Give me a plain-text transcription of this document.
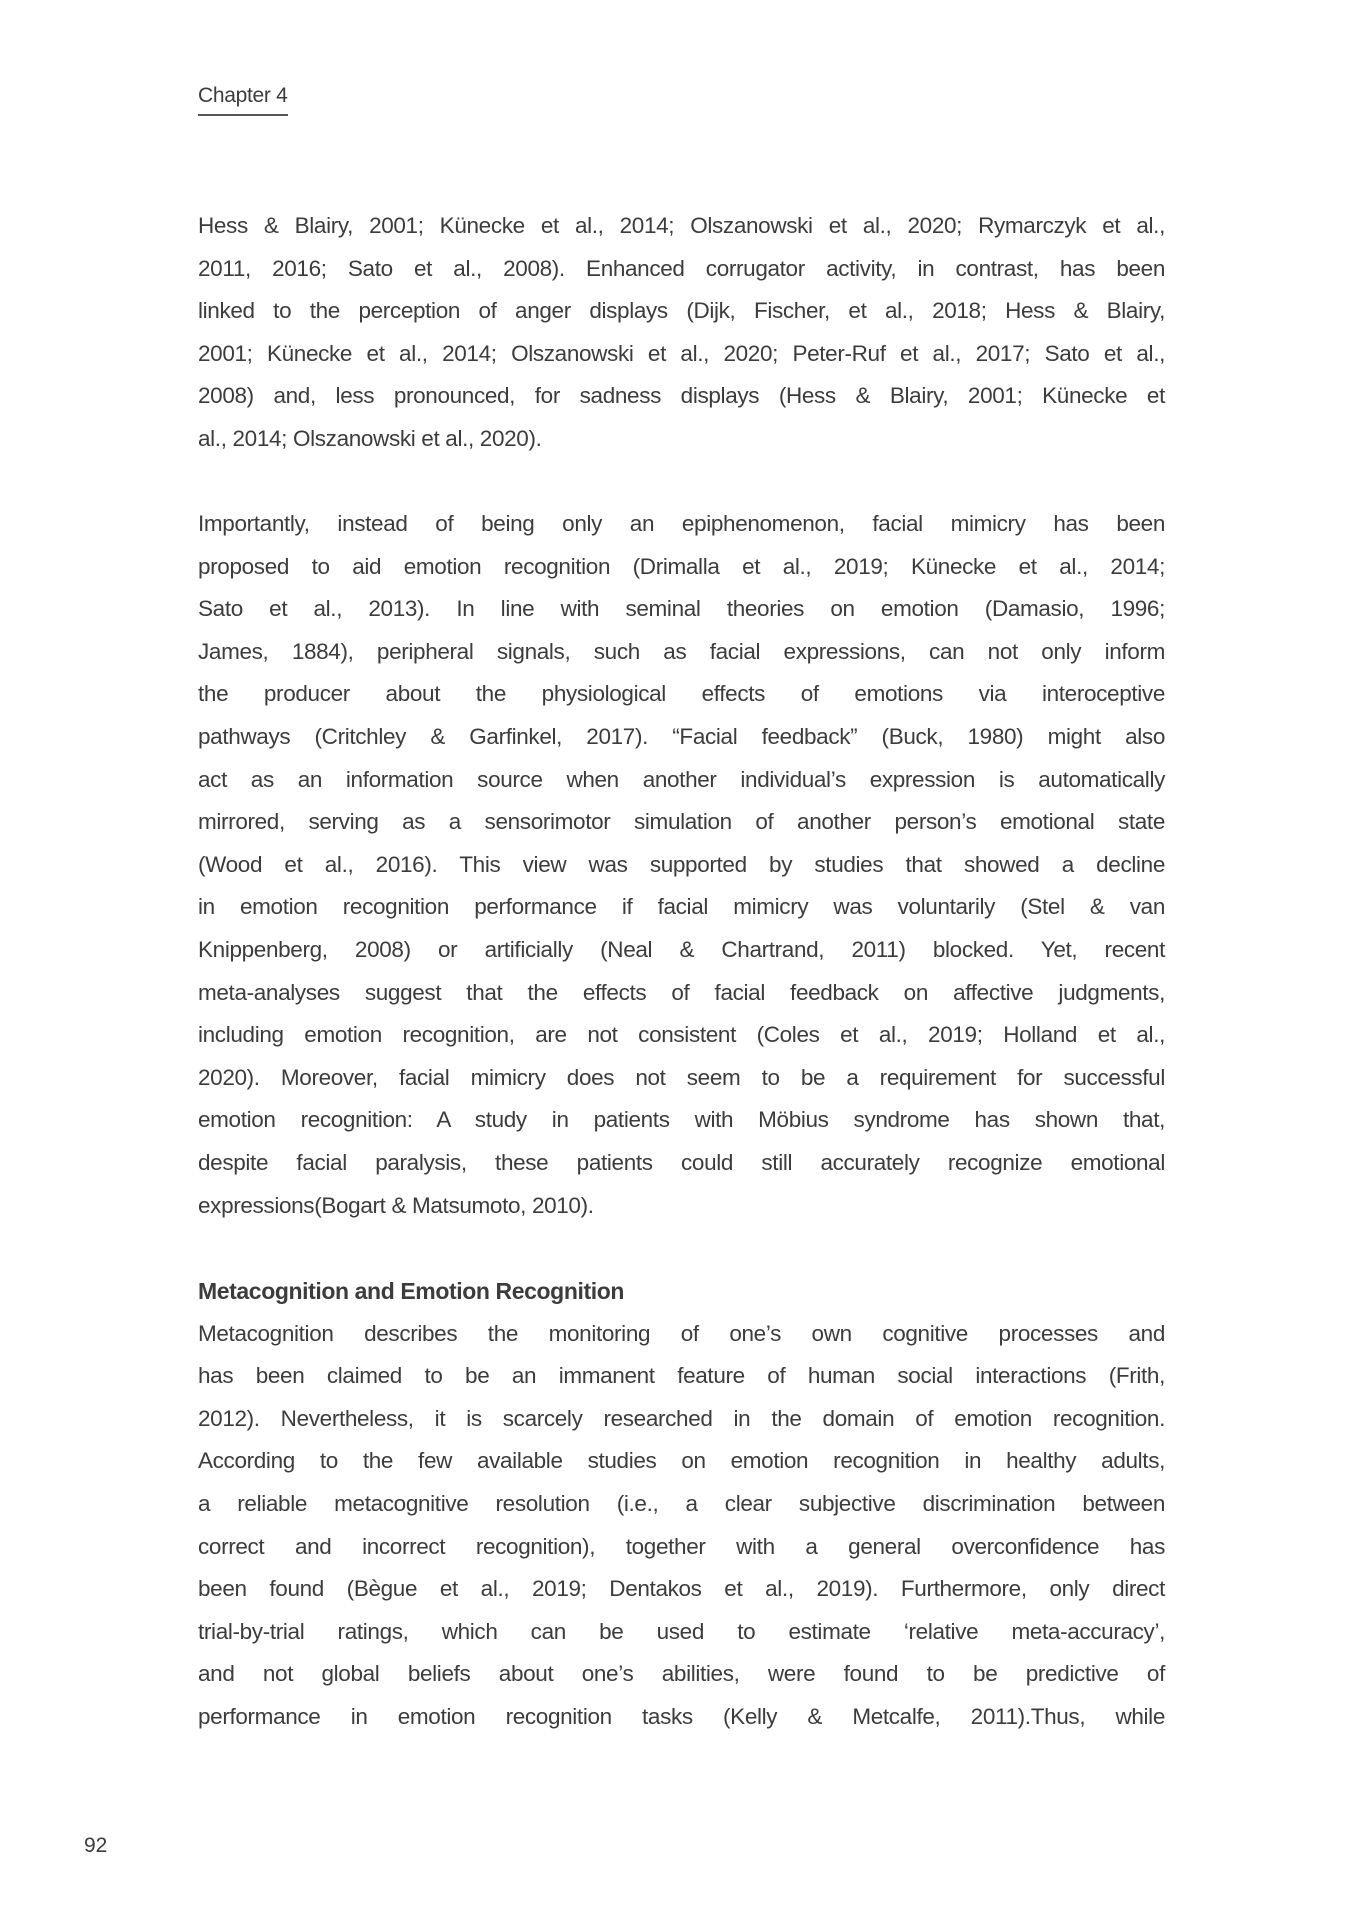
Chapter 4
Hess & Blairy, 2001; Künecke et al., 2014; Olszanowski et al., 2020; Rymarczyk et al.,
2011, 2016; Sato et al., 2008). Enhanced corrugator activity, in contrast, has been
linked to the perception of anger displays (Dijk, Fischer, et al., 2018; Hess & Blairy,
2001; Künecke et al., 2014; Olszanowski et al., 2020; Peter-Ruf et al., 2017; Sato et al.,
2008) and, less pronounced, for sadness displays (Hess & Blairy, 2001; Künecke et
al., 2014; Olszanowski et al., 2020).
Importantly, instead of being only an epiphenomenon, facial mimicry has been
proposed to aid emotion recognition (Drimalla et al., 2019; Künecke et al., 2014;
Sato et al., 2013). In line with seminal theories on emotion (Damasio, 1996;
James, 1884), peripheral signals, such as facial expressions, can not only inform
the producer about the physiological effects of emotions via interoceptive
pathways (Critchley & Garfinkel, 2017). “Facial feedback” (Buck, 1980) might also
act as an information source when another individual’s expression is automatically
mirrored, serving as a sensorimotor simulation of another person’s emotional state
(Wood et al., 2016). This view was supported by studies that showed a decline
in emotion recognition performance if facial mimicry was voluntarily (Stel & van
Knippenberg, 2008) or artificially (Neal & Chartrand, 2011) blocked. Yet, recent
meta-analyses suggest that the effects of facial feedback on affective judgments,
including emotion recognition, are not consistent (Coles et al., 2019; Holland et al.,
2020). Moreover, facial mimicry does not seem to be a requirement for successful
emotion recognition: A study in patients with Möbius syndrome has shown that,
despite facial paralysis, these patients could still accurately recognize emotional
expressions(Bogart & Matsumoto, 2010).
Metacognition and Emotion Recognition
Metacognition describes the monitoring of one’s own cognitive processes and
has been claimed to be an immanent feature of human social interactions (Frith,
2012). Nevertheless, it is scarcely researched in the domain of emotion recognition.
According to the few available studies on emotion recognition in healthy adults,
a reliable metacognitive resolution (i.e., a clear subjective discrimination between
correct and incorrect recognition), together with a general overconfidence has
been found (Bègue et al., 2019; Dentakos et al., 2019). Furthermore, only direct
trial-by-trial ratings, which can be used to estimate ‘relative meta-accuracy’,
and not global beliefs about one’s abilities, were found to be predictive of
performance in emotion recognition tasks (Kelly & Metcalfe, 2011).Thus, while
92
